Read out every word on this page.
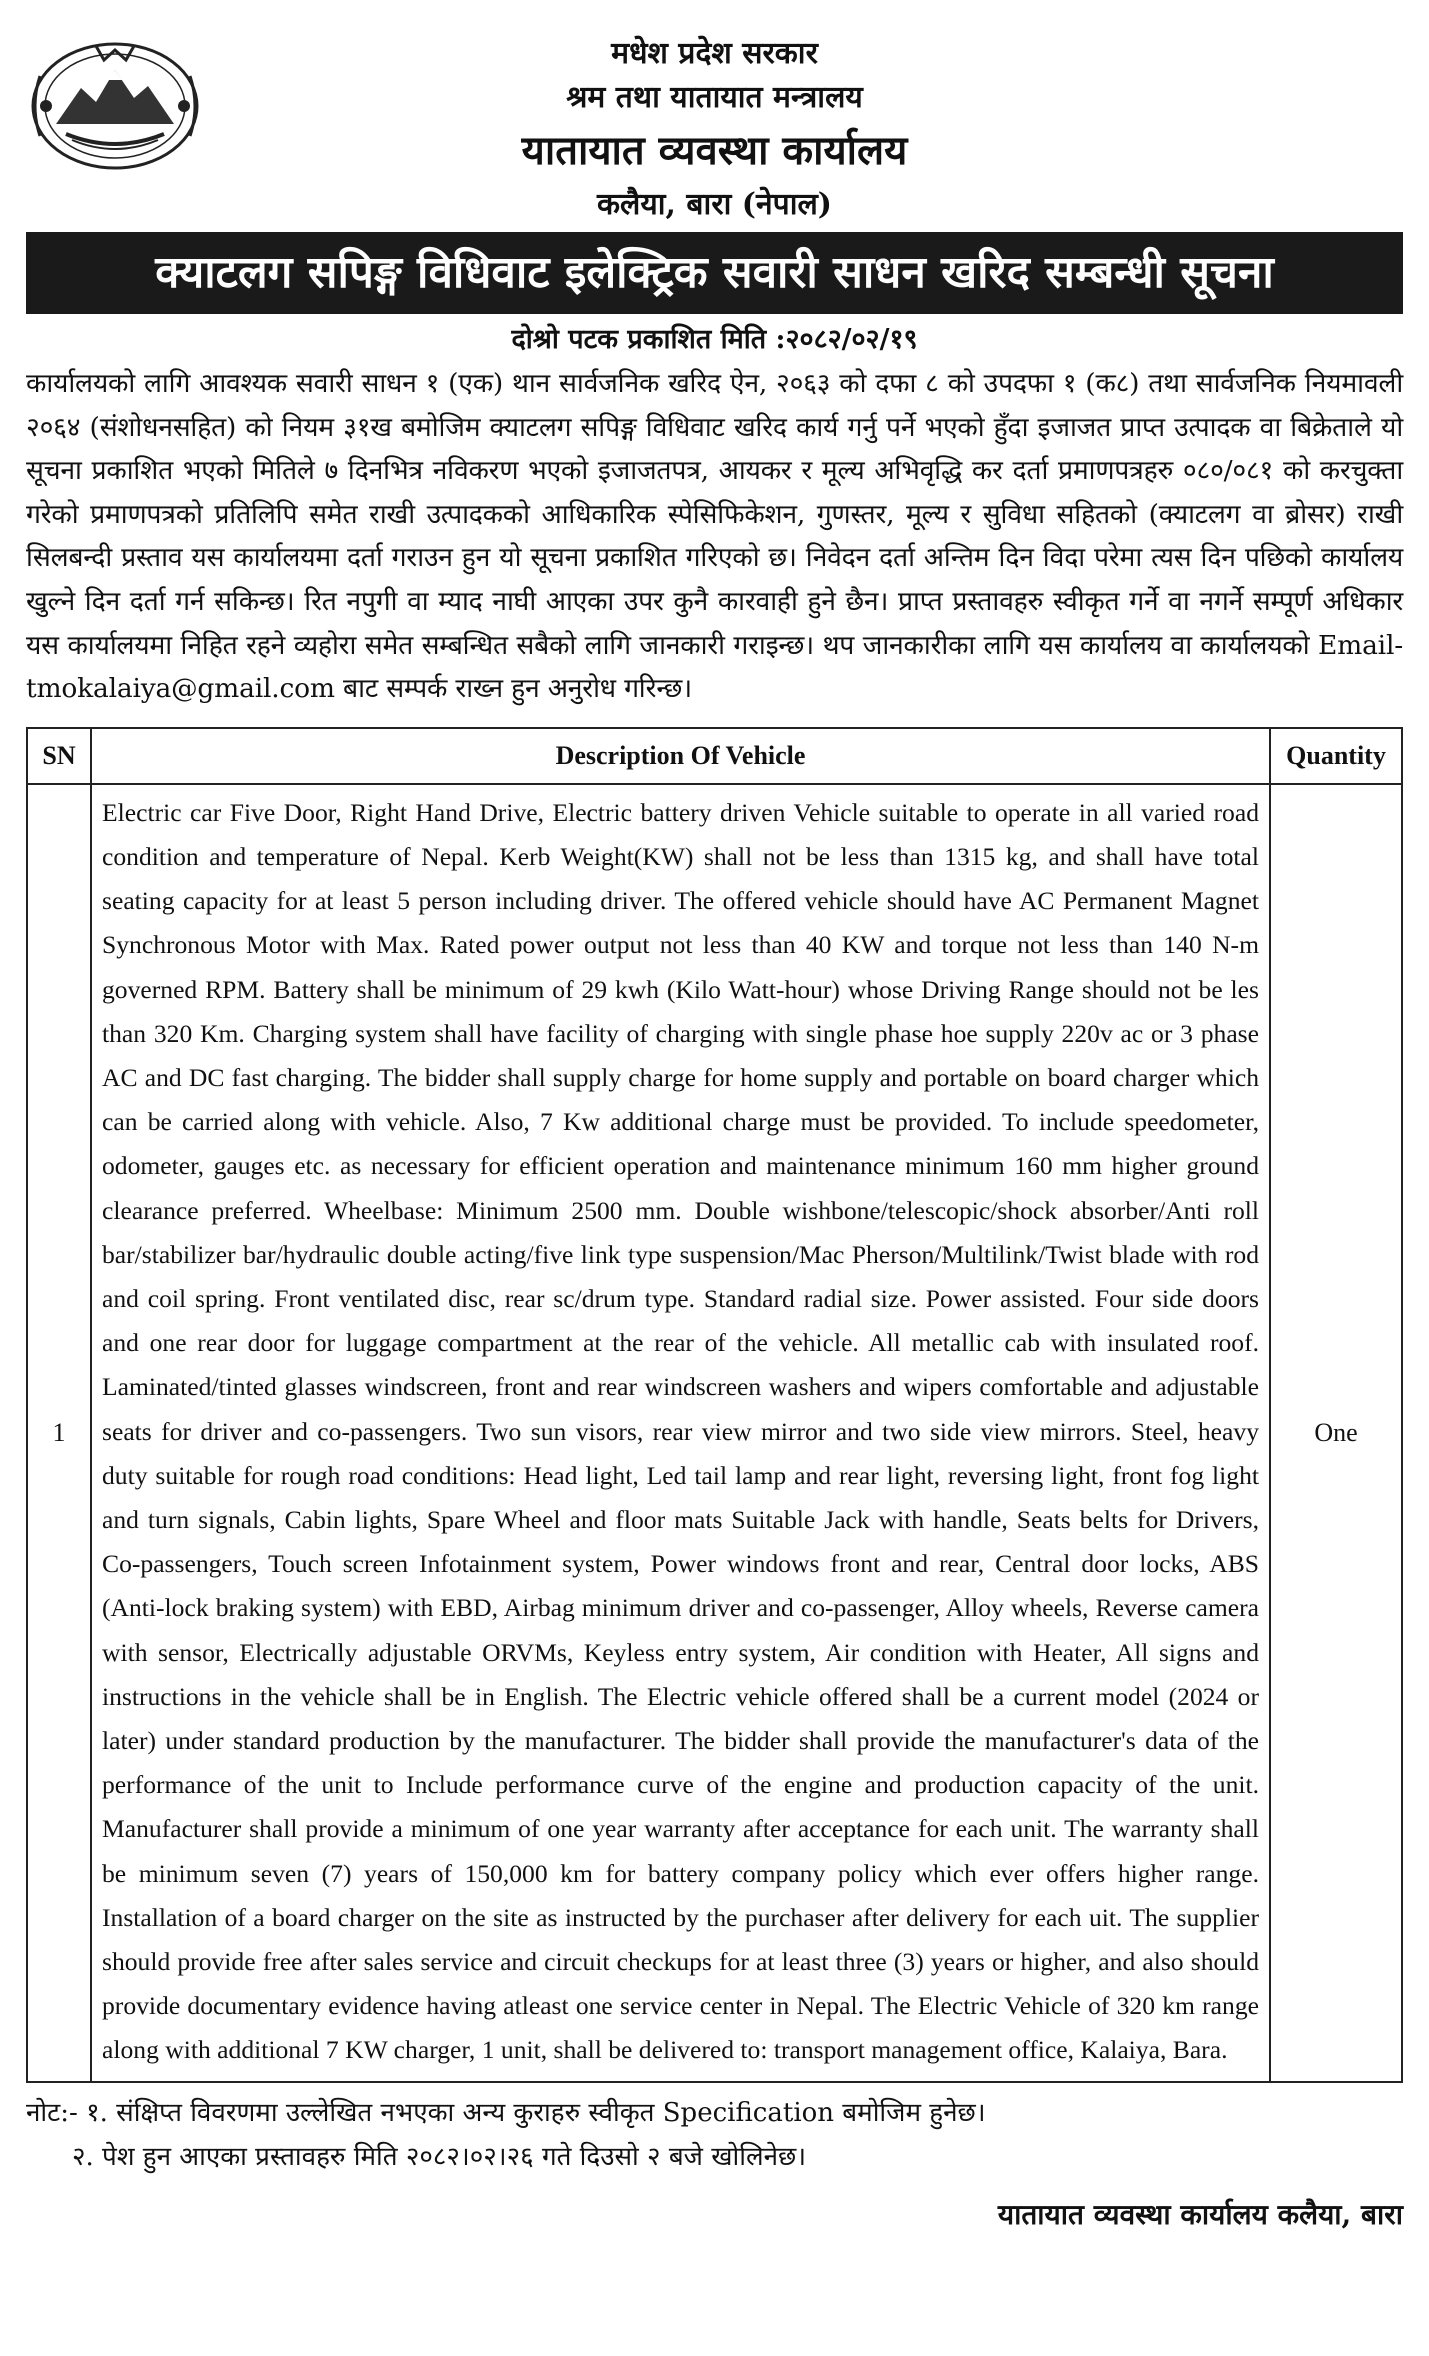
मधेश प्रदेश सरकार
श्रम तथा यातायात मन्त्रालय
यातायात व्यवस्था कार्यालय
कलैया, बारा (नेपाल)
क्याटलग सपिङ्ग विधिवाट इलेक्ट्रिक सवारी साधन खरिद सम्बन्धी सूचना
दोश्रो पटक प्रकाशित मिति :२०८२/०२/१९
कार्यालयको लागि आवश्यक सवारी साधन १ (एक) थान सार्वजनिक खरिद ऐन, २०६३ को दफा ८ को उपदफा १ (क८) तथा सार्वजनिक नियमावली २०६४ (संशोधनसहित) को नियम ३१ख बमोजिम क्याटलग सपिङ्ग विधिवाट खरिद कार्य गर्नु पर्ने भएको हुँदा इजाजत प्राप्त उत्पादक वा बिक्रेताले यो सूचना प्रकाशित भएको मितिले ७ दिनभित्र नविकरण भएको इजाजतपत्र, आयकर र मूल्य अभिवृद्धि कर दर्ता प्रमाणपत्रहरु ०८०/०८१ को करचुक्ता गरेको प्रमाणपत्रको प्रतिलिपि समेत राखी उत्पादकको आधिकारिक स्पेसिफिकेशन, गुणस्तर, मूल्य र सुविधा सहितको (क्याटलग वा ब्रोसर) राखी सिलबन्दी प्रस्ताव यस कार्यालयमा दर्ता गराउन हुन यो सूचना प्रकाशित गरिएको छ। निवेदन दर्ता अन्तिम दिन विदा परेमा त्यस दिन पछिको कार्यालय खुल्ने दिन दर्ता गर्न सकिन्छ। रित नपुगी वा म्याद नाघी आएका उपर कुनै कारवाही हुने छैन। प्राप्त प्रस्तावहरु स्वीकृत गर्ने वा नगर्ने सम्पूर्ण अधिकार यस कार्यालयमा निहित रहने व्यहोरा समेत सम्बन्धित सबैको लागि जानकारी गराइन्छ। थप जानकारीका लागि यस कार्यालय वा कार्यालयको Email- tmokalaiya@gmail.com बाट सम्पर्क राख्न हुन अनुरोध गरिन्छ।
SN	Description Of Vehicle	Quantity
1	Electric car Five Door, Right Hand Drive, Electric battery driven Vehicle suitable to operate in all varied road condition and temperature of Nepal. Kerb Weight(KW) shall not be less than 1315 kg, and shall have total seating capacity for at least 5 person including driver. The offered vehicle should have AC Permanent Magnet Synchronous Motor with Max. Rated power output not less than 40 KW and torque not less than 140 N-m governed RPM. Battery shall be minimum of 29 kwh (Kilo Watt-hour) whose Driving Range should not be les than 320 Km. Charging system shall have facility of charging with single phase hoe supply 220v ac or 3 phase AC and DC fast charging. The bidder shall supply charge for home supply and portable on board charger which can be carried along with vehicle. Also, 7 Kw additional charge must be provided. To include speedometer, odometer, gauges etc. as necessary for efficient operation and maintenance minimum 160 mm higher ground clearance preferred. Wheelbase: Minimum 2500 mm. Double wishbone/telescopic/shock absorber/Anti roll bar/stabilizer bar/hydraulic double acting/five link type suspension/Mac Pherson/Multilink/Twist blade with rod and coil spring. Front ventilated disc, rear sc/drum type. Standard radial size. Power assisted. Four side doors and one rear door for luggage compartment at the rear of the vehicle. All metallic cab with insulated roof. Laminated/tinted glasses windscreen, front and rear windscreen washers and wipers comfortable and adjustable seats for driver and co-passengers. Two sun visors, rear view mirror and two side view mirrors. Steel, heavy duty suitable for rough road conditions: Head light, Led tail lamp and rear light, reversing light, front fog light and turn signals, Cabin lights, Spare Wheel and floor mats Suitable Jack with handle, Seats belts for Drivers, Co-passengers, Touch screen Infotainment system, Power windows front and rear, Central door locks, ABS (Anti-lock braking system) with EBD, Airbag minimum driver and co-passenger, Alloy wheels, Reverse camera with sensor, Electrically adjustable ORVMs, Keyless entry system, Air condition with Heater, All signs and instructions in the vehicle shall be in English. The Electric vehicle offered shall be a current model (2024 or later) under standard production by the manufacturer. The bidder shall provide the manufacturer's data of the performance of the unit to Include performance curve of the engine and production capacity of the unit. Manufacturer shall provide a minimum of one year warranty after acceptance for each unit. The warranty shall be minimum seven (7) years of 150,000 km for battery company policy which ever offers higher range. Installation of a board charger on the site as instructed by the purchaser after delivery for each uit. The supplier should provide free after sales service and circuit checkups for at least three (3) years or higher, and also should provide documentary evidence having atleast one service center in Nepal. The Electric Vehicle of 320 km range along with additional 7 KW charger, 1 unit, shall be delivered to: transport management office, Kalaiya, Bara.	One
नोट:- १. संक्षिप्त विवरणमा उल्लेखित नभएका अन्य कुराहरु स्वीकृत Specification बमोजिम हुनेछ।
२. पेश हुन आएका प्रस्तावहरु मिति २०८२।०२।२६ गते दिउसो २ बजे खोलिनेछ।
यातायात व्यवस्था कार्यालय कलैया, बारा
